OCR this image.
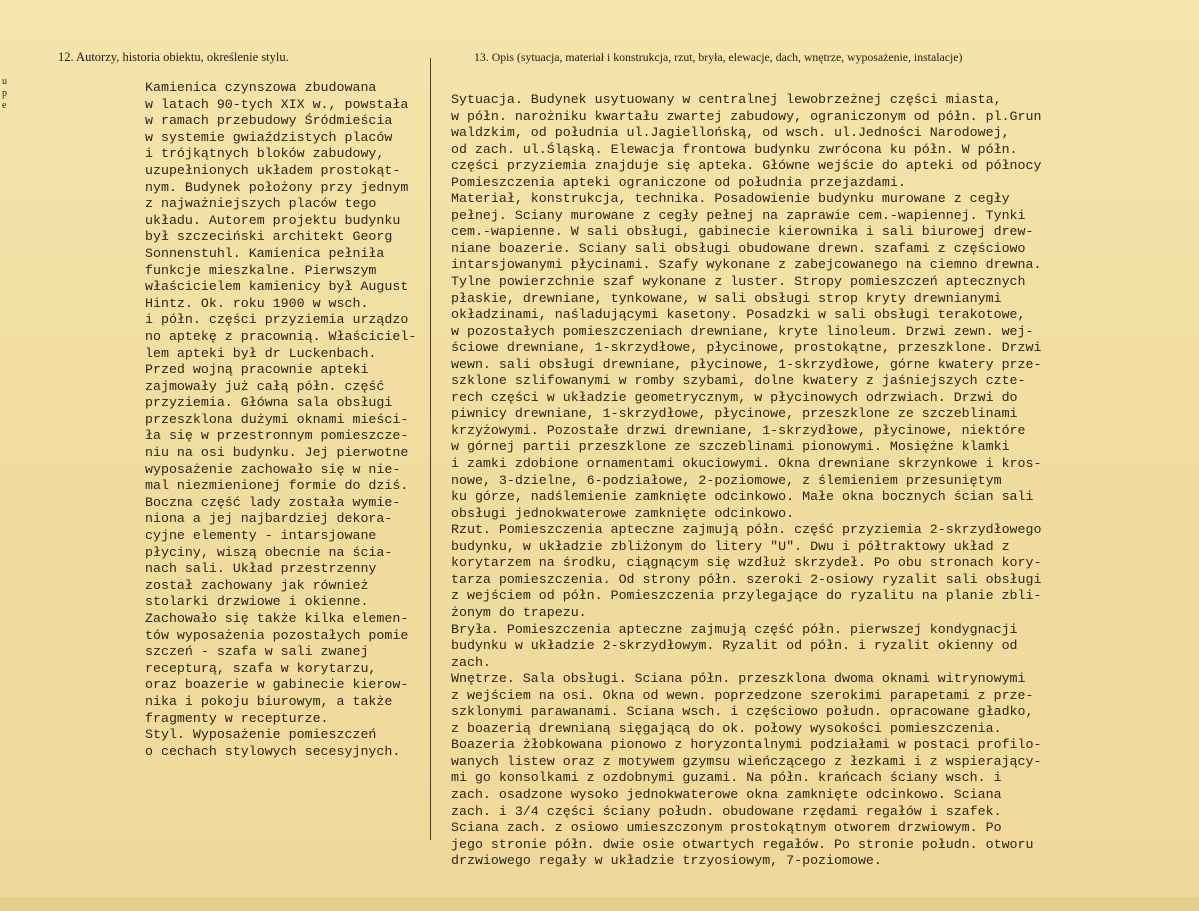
12. Autorzy, historia obiektu, określenie stylu.	13. Opis (sytuacja, materiał i konstrukcja, rzut, bryła, elewacje, dach, wnętrze, wyposażenie, instalacje)
u
p
e
Kamienica czynszowa zbudowana
w latach 90-tych XIX w., powstała
w ramach przebudowy Śródmieścia
w systemie gwiaździstych placów
i trójkątnych bloków zabudowy,
uzupełnionych układem prostokąt-
nym. Budynek położony przy jednym
z najważniejszych placów tego
układu. Autorem projektu budynku
był szczeciński architekt Georg
Sonnenstuhl. Kamienica pełniła
funkcje mieszkalne. Pierwszym
właścicielem kamienicy był August
Hintz. Ok. roku 1900 w wsch.
i półn. części przyziemia urządzo
no aptekę z pracownią. Właściciel-
lem apteki był dr Luckenbach.
Przed wojną pracownie apteki
zajmowały już całą półn. część
przyziemia. Główna sala obsługi
przeszklona dużymi oknami mieści-
ła się w przestronnym pomieszcze-
niu na osi budynku. Jej pierwotne
wyposażenie zachowało się w nie-
mal niezmienionej formie do dziś.
Boczna część lady została wymie-
niona a jej najbardziej dekora-
cyjne elementy - intarsjowane
płyciny, wiszą obecnie na ścia-
nach sali. Układ przestrzenny
został zachowany jak również
stolarki drzwiowe i okienne.
Zachowało się także kilka elemen-
tów wyposażenia pozostałych pomie
szczeń - szafa w sali zwanej
recepturą, szafa w korytarzu,
oraz boazerie w gabinecie kierow-
nika i pokoju biurowym, a także
fragmenty w recepturze.
Styl. Wyposażenie pomieszczeń
o cechach stylowych secesyjnych.
Sytuacja. Budynek usytuowany w centralnej lewobrzeżnej części miasta,
w półn. narożniku kwartału zwartej zabudowy, ograniczonym od półn. pl.Grun
waldzkim, od południa ul.Jagiellońską, od wsch. ul.Jedności Narodowej,
od zach. ul.Śląską. Elewacja frontowa budynku zwrócona ku półn. W półn.
części przyziemia znajduje się apteka. Główne wejście do apteki od północy
Pomieszczenia apteki ograniczone od południa przejazdami.
Materiał, konstrukcja, technika. Posadowienie budynku murowane z cegły
pełnej. Sciany murowane z cegły pełnej na zaprawie cem.-wapiennej. Tynki
cem.-wapienne. W sali obsługi, gabinecie kierownika i sali biurowej drew-
niane boazerie. Sciany sali obsługi obudowane drewn. szafami z częściowo
intarsjowanymi płycinami. Szafy wykonane z zabejcowanego na ciemno drewna.
Tylne powierzchnie szaf wykonane z luster. Stropy pomieszczeń aptecznych
płaskie, drewniane, tynkowane, w sali obsługi strop kryty drewnianymi
okładzinami, naśladującymi kasetony. Posadzki w sali obsługi terakotowe,
w pozostałych pomieszczeniach drewniane, kryte linoleum. Drzwi zewn. wej-
ściowe drewniane, 1-skrzydłowe, płycinowe, prostokątne, przeszklone. Drzwi
wewn. sali obsługi drewniane, płycinowe, 1-skrzydłowe, górne kwatery prze-
szklone szlifowanymi w romby szybami, dolne kwatery z jaśniejszych czte-
rech części w układzie geometrycznym, w płycinowych odrzwiach. Drzwi do
piwnicy drewniane, 1-skrzydłowe, płycinowe, przeszklone ze szczeblinami
krzyżowymi. Pozostałe drzwi drewniane, 1-skrzydłowe, płycinowe, niektóre
w górnej partii przeszklone ze szczeblinami pionowymi. Mosiężne klamki
i zamki zdobione ornamentami okuciowymi. Okna drewniane skrzynkowe i kros-
nowe, 3-dzielne, 6-podziałowe, 2-poziomowe, z ślemieniem przesuniętym
ku górze, nadślemienie zamknięte odcinkowo. Małe okna bocznych ścian sali
obsługi jednokwaterowe zamknięte odcinkowo.
Rzut. Pomieszczenia apteczne zajmują półn. część przyziemia 2-skrzydłowego
budynku, w układzie zbliżonym do litery "U". Dwu i półtraktowy układ z
korytarzem na środku, ciągnącym się wzdłuż skrzydeł. Po obu stronach kory-
tarza pomieszczenia. Od strony półn. szeroki 2-osiowy ryzalit sali obsługi
z wejściem od półn. Pomieszczenia przylegające do ryzalitu na planie zbli-
żonym do trapezu.
Bryła. Pomieszczenia apteczne zajmują część półn. pierwszej kondygnacji
budynku w układzie 2-skrzydłowym. Ryzalit od półn. i ryzalit okienny od
zach.
Wnętrze. Sala obsługi. Sciana półn. przeszklona dwoma oknami witrynowymi
z wejściem na osi. Okna od wewn. poprzedzone szerokimi parapetami z prze-
szklonymi parawanami. Sciana wsch. i częściowo połudn. opracowane gładko,
z boazerią drewnianą sięgającą do ok. połowy wysokości pomieszczenia.
Boazeria żłobkowana pionowo z horyzontalnymi podziałami w postaci profilo-
wanych listew oraz z motywem gzymsu wieńczącego z łezkami i z wspierający-
mi go konsolkami z ozdobnymi guzami. Na półn. krańcach ściany wsch. i
zach. osadzone wysoko jednokwaterowe okna zamknięte odcinkowo. Sciana
zach. i 3/4 części ściany połudn. obudowane rzędami regałów i szafek.
Sciana zach. z osiowo umieszczonym prostokątnym otworem drzwiowym. Po
jego stronie półn. dwie osie otwartych regałów. Po stronie połudn. otworu
drzwiowego regały w układzie trzyosiowym, 7-poziomowe.
